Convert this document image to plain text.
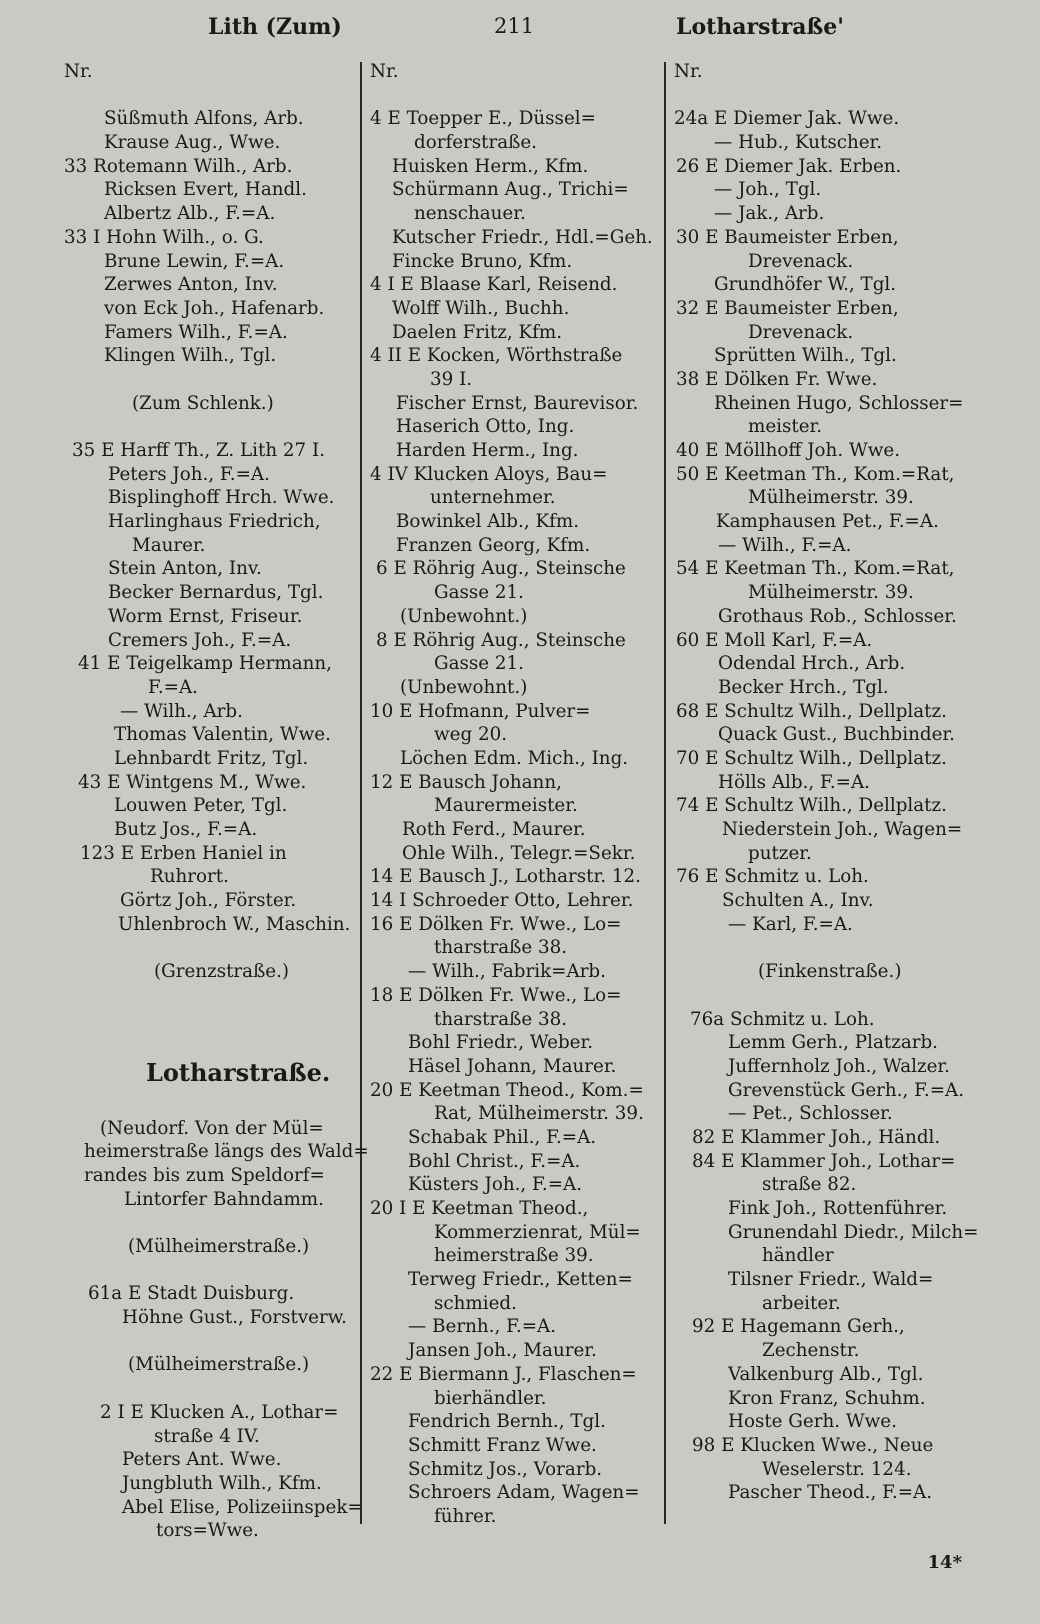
Lith (Zum)	211	Lotharstraße'
Nr.
Süßmuth Alfons, Arb.
Krause Aug., Wwe.
33 Rotemann Wilh., Arb.
Ricksen Evert, Handl.
Albertz Alb., F.=A.
33 I Hohn Wilh., o. G.
Brune Lewin, F.=A.
Zerwes Anton, Inv.
von Eck Joh., Hafenarb.
Famers Wilh., F.=A.
Klingen Wilh., Tgl.
(Zum Schlenk.)
35 E Harff Th., Z. Lith 27 I.
Peters Joh., F.=A.
Bisplinghoff Hrch. Wwe.
Harlinghaus Friedrich,
Maurer.
Stein Anton, Inv.
Becker Bernardus, Tgl.
Worm Ernst, Friseur.
Cremers Joh., F.=A.
41 E Teigelkamp Hermann,
F.=A.
— Wilh., Arb.
Thomas Valentin, Wwe.
Lehnbardt Fritz, Tgl.
43 E Wintgens M., Wwe.
Louwen Peter, Tgl.
Butz Jos., F.=A.
123 E Erben Haniel in
Ruhrort.
Görtz Joh., Förster.
Uhlenbroch W., Maschin.
(Grenzstraße.)
Lotharstraße.
(Neudorf. Von der Mül=
heimerstraße längs des Wald=
randes bis zum Speldorf=
Lintorfer Bahndamm.
(Mülheimerstraße.)
61a E Stadt Duisburg.
Höhne Gust., Forstverw.
(Mülheimerstraße.)
2 I E Klucken A., Lothar=
straße 4 IV.
Peters Ant. Wwe.
Jungbluth Wilh., Kfm.
Abel Elise, Polizeiinspek=
tors=Wwe.
Nr.
4 E Toepper E., Düssel=
dorferstraße.
Huisken Herm., Kfm.
Schürmann Aug., Trichi=
nenschauer.
Kutscher Friedr., Hdl.=Geh.
Fincke Bruno, Kfm.
4 I E Blaase Karl, Reisend.
Wolff Wilh., Buchh.
Daelen Fritz, Kfm.
4 II E Kocken, Wörthstraße
39 I.
Fischer Ernst, Baurevisor.
Haserich Otto, Ing.
Harden Herm., Ing.
4 IV Klucken Aloys, Bau=
unternehmer.
Bowinkel Alb., Kfm.
Franzen Georg, Kfm.
6 E Röhrig Aug., Steinsche
Gasse 21.
(Unbewohnt.)
8 E Röhrig Aug., Steinsche
Gasse 21.
(Unbewohnt.)
10 E Hofmann, Pulver=
weg 20.
Löchen Edm. Mich., Ing.
12 E Bausch Johann,
Maurermeister.
Roth Ferd., Maurer.
Ohle Wilh., Telegr.=Sekr.
14 E Bausch J., Lotharstr. 12.
14 I Schroeder Otto, Lehrer.
16 E Dölken Fr. Wwe., Lo=
tharstraße 38.
— Wilh., Fabrik=Arb.
18 E Dölken Fr. Wwe., Lo=
tharstraße 38.
Bohl Friedr., Weber.
Häsel Johann, Maurer.
20 E Keetman Theod., Kom.=
Rat, Mülheimerstr. 39.
Schabak Phil., F.=A.
Bohl Christ., F.=A.
Küsters Joh., F.=A.
20 I E Keetman Theod.,
Kommerzienrat, Mül=
heimerstraße 39.
Terweg Friedr., Ketten=
schmied.
— Bernh., F.=A.
Jansen Joh., Maurer.
22 E Biermann J., Flaschen=
bierhändler.
Fendrich Bernh., Tgl.
Schmitt Franz Wwe.
Schmitz Jos., Vorarb.
Schroers Adam, Wagen=
führer.
Nr.
24a E Diemer Jak. Wwe.
— Hub., Kutscher.
26 E Diemer Jak. Erben.
— Joh., Tgl.
— Jak., Arb.
30 E Baumeister Erben,
Drevenack.
Grundhöfer W., Tgl.
32 E Baumeister Erben,
Drevenack.
Sprütten Wilh., Tgl.
38 E Dölken Fr. Wwe.
Rheinen Hugo, Schlosser=
meister.
40 E Möllhoff Joh. Wwe.
50 E Keetman Th., Kom.=Rat,
Mülheimerstr. 39.
Kamphausen Pet., F.=A.
— Wilh., F.=A.
54 E Keetman Th., Kom.=Rat,
Mülheimerstr. 39.
Grothaus Rob., Schlosser.
60 E Moll Karl, F.=A.
Odendal Hrch., Arb.
Becker Hrch., Tgl.
68 E Schultz Wilh., Dellplatz.
Quack Gust., Buchbinder.
70 E Schultz Wilh., Dellplatz.
Hölls Alb., F.=A.
74 E Schultz Wilh., Dellplatz.
Niederstein Joh., Wagen=
putzer.
76 E Schmitz u. Loh.
Schulten A., Inv.
— Karl, F.=A.
(Finkenstraße.)
76a Schmitz u. Loh.
Lemm Gerh., Platzarb.
Juffernholz Joh., Walzer.
Grevenstück Gerh., F.=A.
— Pet., Schlosser.
82 E Klammer Joh., Händl.
84 E Klammer Joh., Lothar=
straße 82.
Fink Joh., Rottenführer.
Grunendahl Diedr., Milch=
händler
Tilsner Friedr., Wald=
arbeiter.
92 E Hagemann Gerh.,
Zechenstr.
Valkenburg Alb., Tgl.
Kron Franz, Schuhm.
Hoste Gerh. Wwe.
98 E Klucken Wwe., Neue
Weselerstr. 124.
Pascher Theod., F.=A.
14*
